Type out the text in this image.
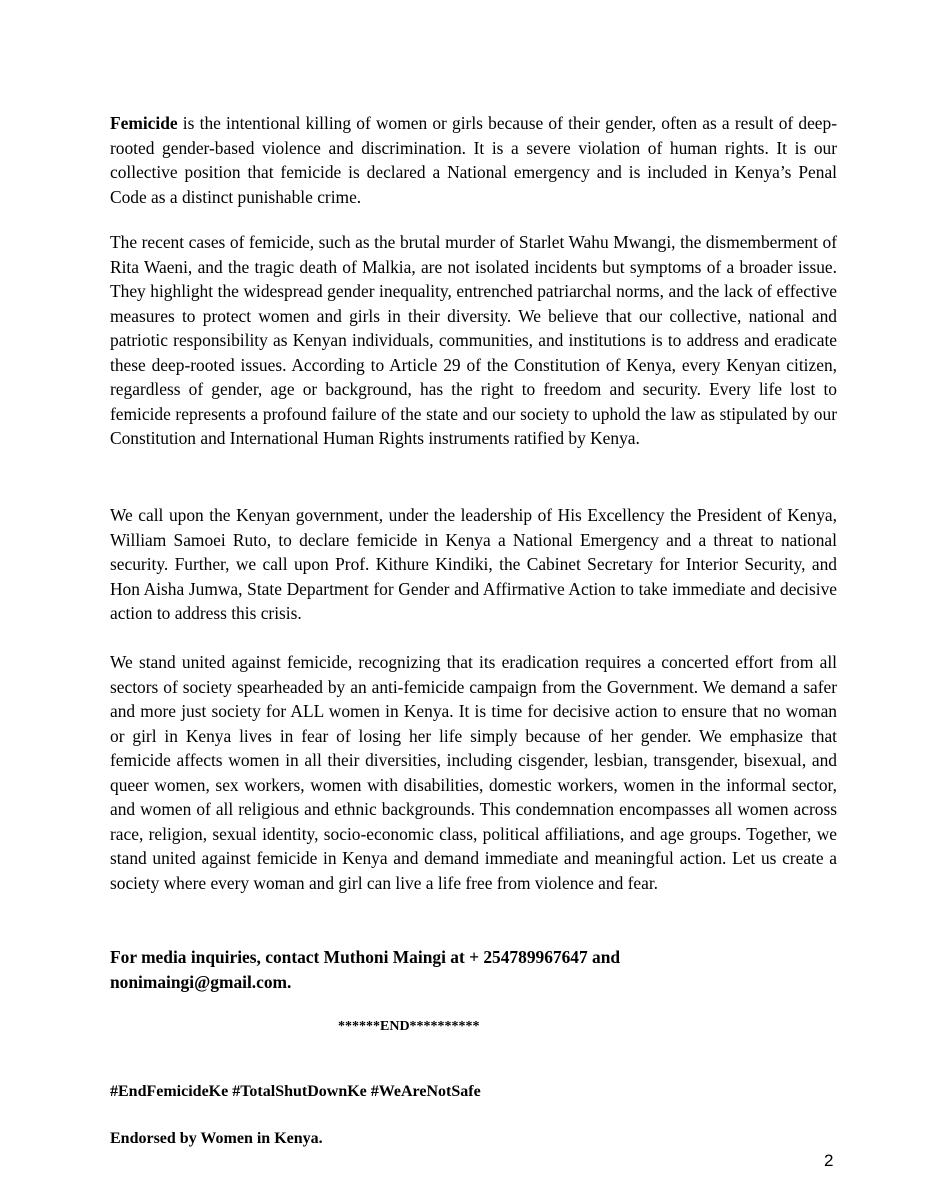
Femicide is the intentional killing of women or girls because of their gender, often as a result of deep-rooted gender-based violence and discrimination. It is a severe violation of human rights. It is our collective position that femicide is declared a National emergency and is included in Kenya’s Penal Code as a distinct punishable crime.

The recent cases of femicide, such as the brutal murder of Starlet Wahu Mwangi, the dismemberment of Rita Waeni, and the tragic death of Malkia, are not isolated incidents but symptoms of a broader issue. They highlight the widespread gender inequality, entrenched patriarchal norms, and the lack of effective measures to protect women and girls in their diversity. We believe that our collective, national and patriotic responsibility as Kenyan individuals, communities, and institutions is to address and eradicate these deep-rooted issues. According to Article 29 of the Constitution of Kenya, every Kenyan citizen, regardless of gender, age or background, has the right to freedom and security. Every life lost to femicide represents a profound failure of the state and our society to uphold the law as stipulated by our Constitution and International Human Rights instruments ratified by Kenya.

We call upon the Kenyan government, under the leadership of His Excellency the President of Kenya, William Samoei Ruto, to declare femicide in Kenya a National Emergency and a threat to national security. Further, we call upon Prof. Kithure Kindiki, the Cabinet Secretary for Interior Security, and Hon Aisha Jumwa, State Department for Gender and Affirmative Action to take immediate and decisive action to address this crisis.

We stand united against femicide, recognizing that its eradication requires a concerted effort from all sectors of society spearheaded by an anti-femicide campaign from the Government. We demand a safer and more just society for ALL women in Kenya. It is time for decisive action to ensure that no woman or girl in Kenya lives in fear of losing her life simply because of her gender. We emphasize that femicide affects women in all their diversities, including cisgender, lesbian, transgender, bisexual, and queer women, sex workers, women with disabilities, domestic workers, women in the informal sector, and women of all religious and ethnic backgrounds. This condemnation encompasses all women across race, religion, sexual identity, socio-economic class, political affiliations, and age groups. Together, we stand united against femicide in Kenya and demand immediate and meaningful action. Let us create a society where every woman and girl can live a life free from violence and fear.

For media inquiries, contact Muthoni Maingi at + 254789967647 and
nonimaingi@gmail.com.

******END**********

#EndFemicideKe #TotalShutDownKe #WeAreNotSafe

Endorsed by Women in Kenya.

2
